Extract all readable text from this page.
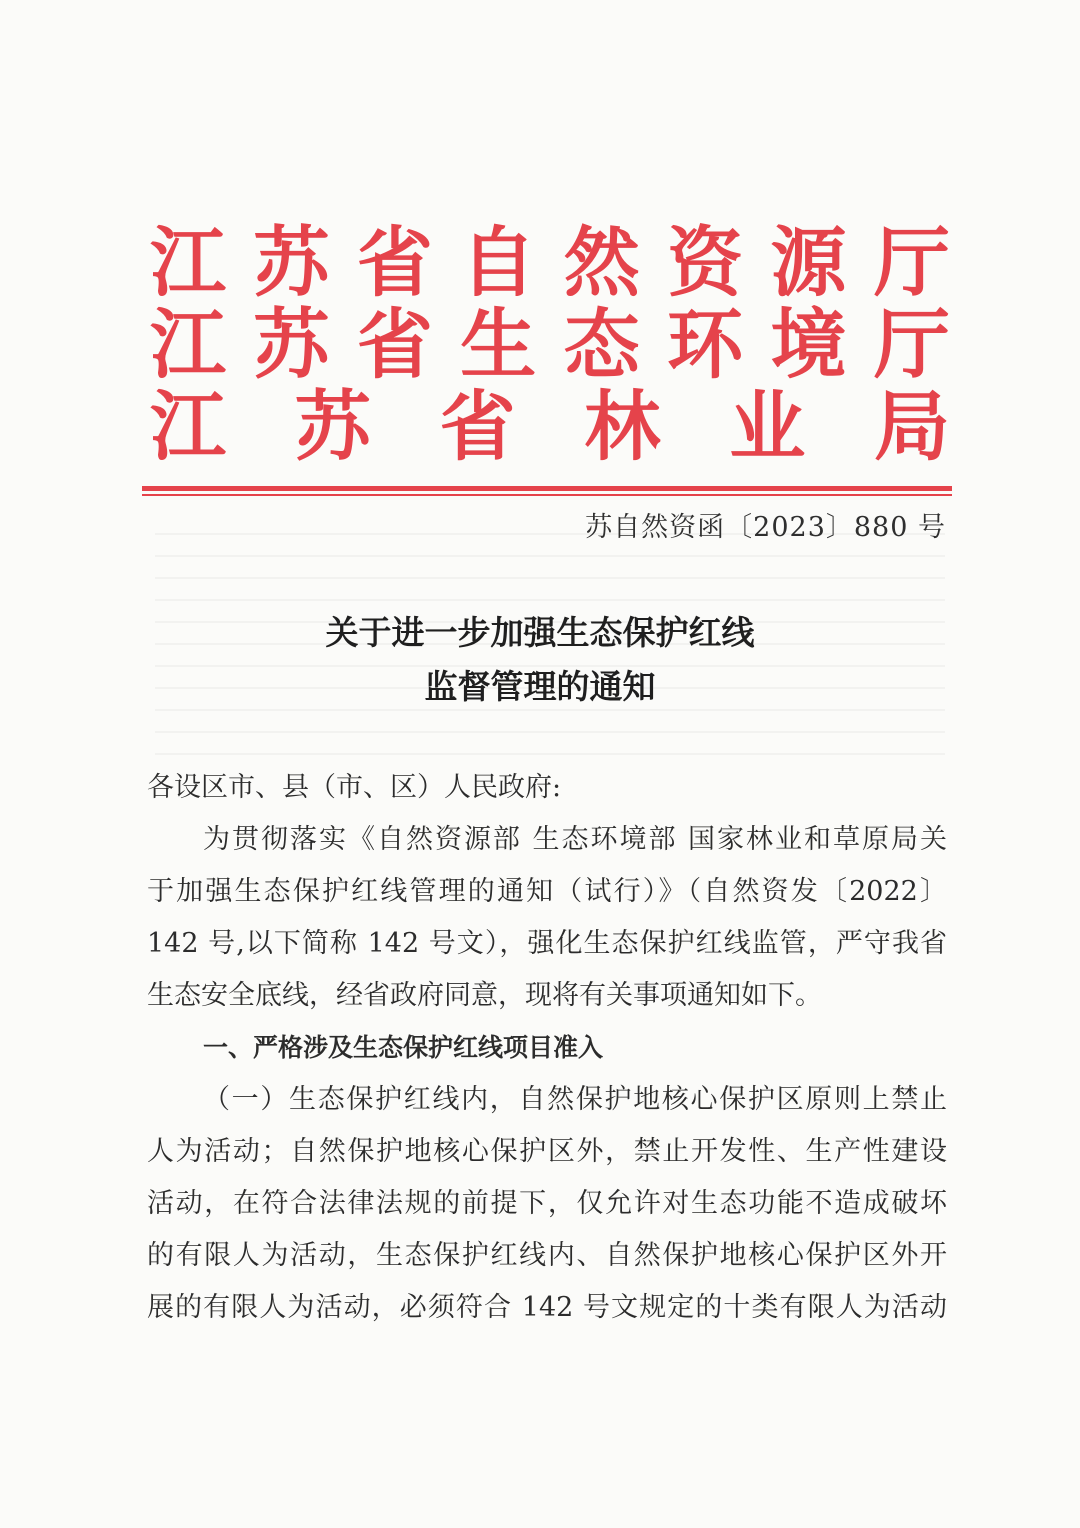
江 苏 省 自 然 资 源 厅
江 苏 省 生 态 环 境 厅
江 苏 省 林 业 局
苏自然资函〔2023〕880 号
关于进一步加强生态保护红线
监督管理的通知
各设区市、县（市、区）人民政府:
为贯彻落实《自然资源部 生态环境部 国家林业和草原局关
于加强生态保护红线管理的通知（试行）》（自然资发〔2022〕
142 号,以下简称 142 号文），强化生态保护红线监管，严守我省
生态安全底线，经省政府同意，现将有关事项通知如下。
一、严格涉及生态保护红线项目准入
（一）生态保护红线内，自然保护地核心保护区原则上禁止
人为活动；自然保护地核心保护区外，禁止开发性、生产性建设
活动，在符合法律法规的前提下，仅允许对生态功能不造成破坏
的有限人为活动，生态保护红线内、自然保护地核心保护区外开
展的有限人为活动，必须符合 142 号文规定的十类有限人为活动
